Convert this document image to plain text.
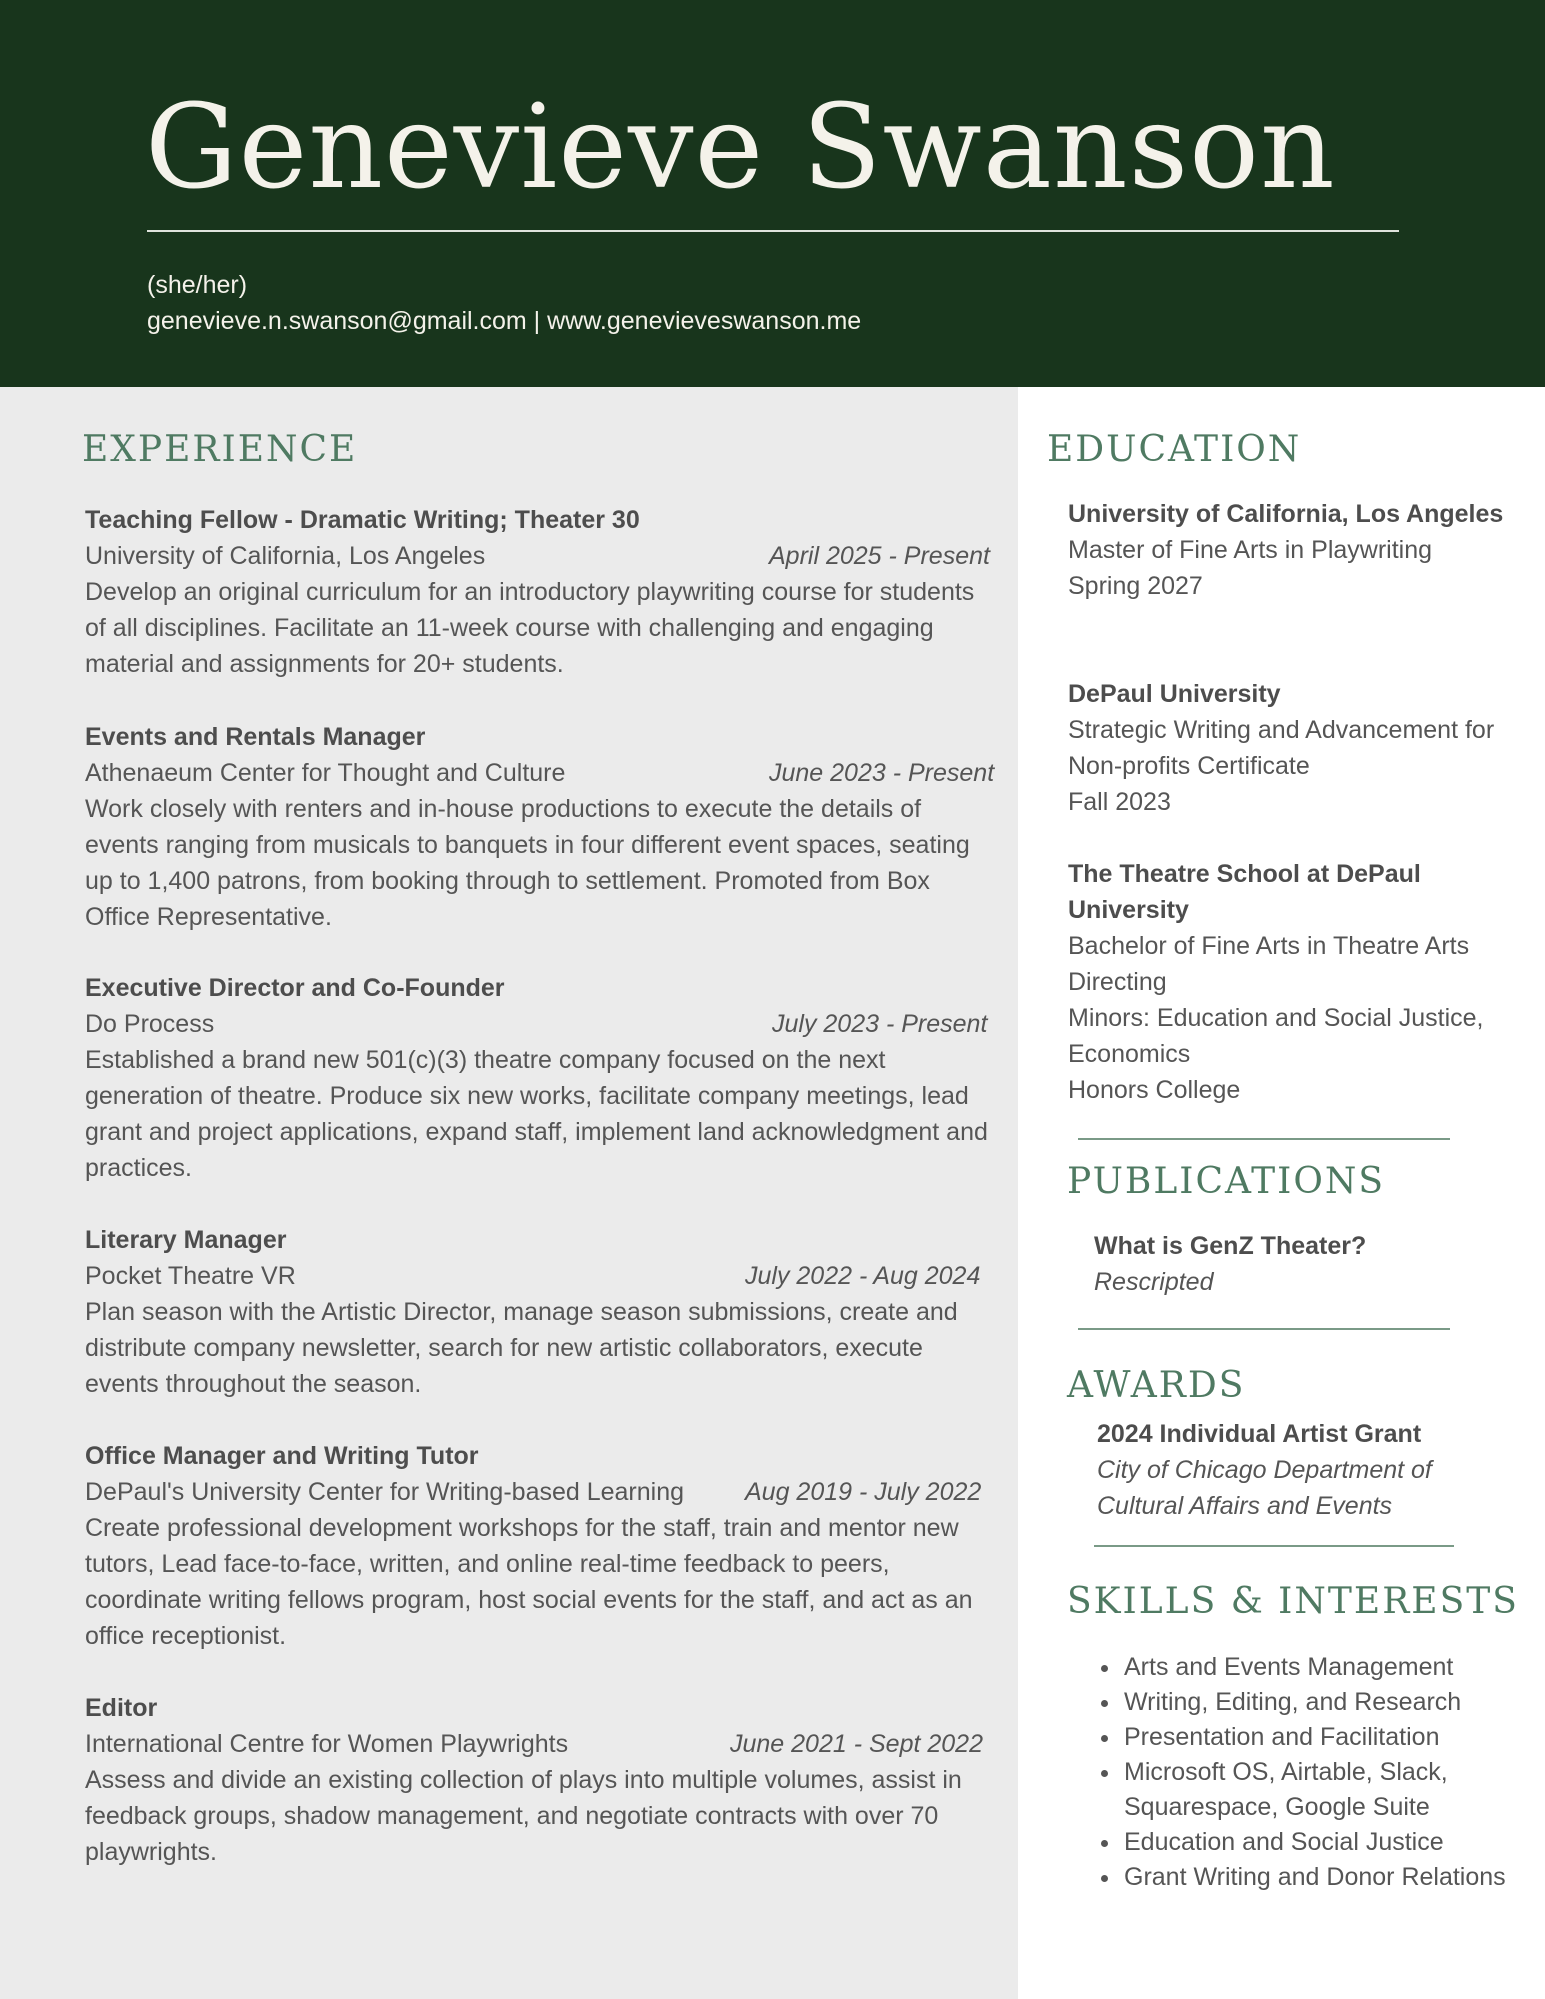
Genevieve Swanson
(she/her)
genevieve.n.swanson@gmail.com | www.genevieveswanson.me
EXPERIENCE
Teaching Fellow - Dramatic Writing; Theater 30
University of California, Los Angeles	April 2025 - Present
Develop an original curriculum for an introductory playwriting course for students of all disciplines. Facilitate an 11-week course with challenging and engaging material and assignments for 20+ students.
Events and Rentals Manager
Athenaeum Center for Thought and Culture	June 2023 - Present
Work closely with renters and in-house productions to execute the details of events ranging from musicals to banquets in four different event spaces, seating up to 1,400 patrons, from booking through to settlement. Promoted from Box Office Representative.
Executive Director and Co-Founder
Do Process	July 2023 - Present
Established a brand new 501(c)(3) theatre company focused on the next generation of theatre. Produce six new works, facilitate company meetings, lead grant and project applications, expand staff, implement land acknowledgment and practices.
Literary Manager
Pocket Theatre VR	July 2022 - Aug 2024
Plan season with the Artistic Director, manage season submissions, create and distribute company newsletter, search for new artistic collaborators, execute events throughout the season.
Office Manager and Writing Tutor
DePaul's University Center for Writing-based Learning Aug 2019 - July 2022
Create professional development workshops for the staff, train and mentor new tutors, Lead face-to-face, written, and online real-time feedback to peers, coordinate writing fellows program, host social events for the staff, and act as an office receptionist.
Editor
International Centre for Women Playwrights	June 2021 - Sept 2022
Assess and divide an existing collection of plays into multiple volumes, assist in feedback groups, shadow management, and negotiate contracts with over 70 playwrights.
EDUCATION
University of California, Los Angeles
Master of Fine Arts in Playwriting
Spring 2027
DePaul University
Strategic Writing and Advancement for Non-profits Certificate
Fall 2023
The Theatre School at DePaul University
Bachelor of Fine Arts in Theatre Arts Directing
Minors: Education and Social Justice, Economics
Honors College
PUBLICATIONS
What is GenZ Theater?
Rescripted
AWARDS
2024 Individual Artist Grant
City of Chicago Department of Cultural Affairs and Events
SKILLS & INTERESTS
• Arts and Events Management
• Writing, Editing, and Research
• Presentation and Facilitation
• Microsoft OS, Airtable, Slack, Squarespace, Google Suite
• Education and Social Justice
• Grant Writing and Donor Relations
